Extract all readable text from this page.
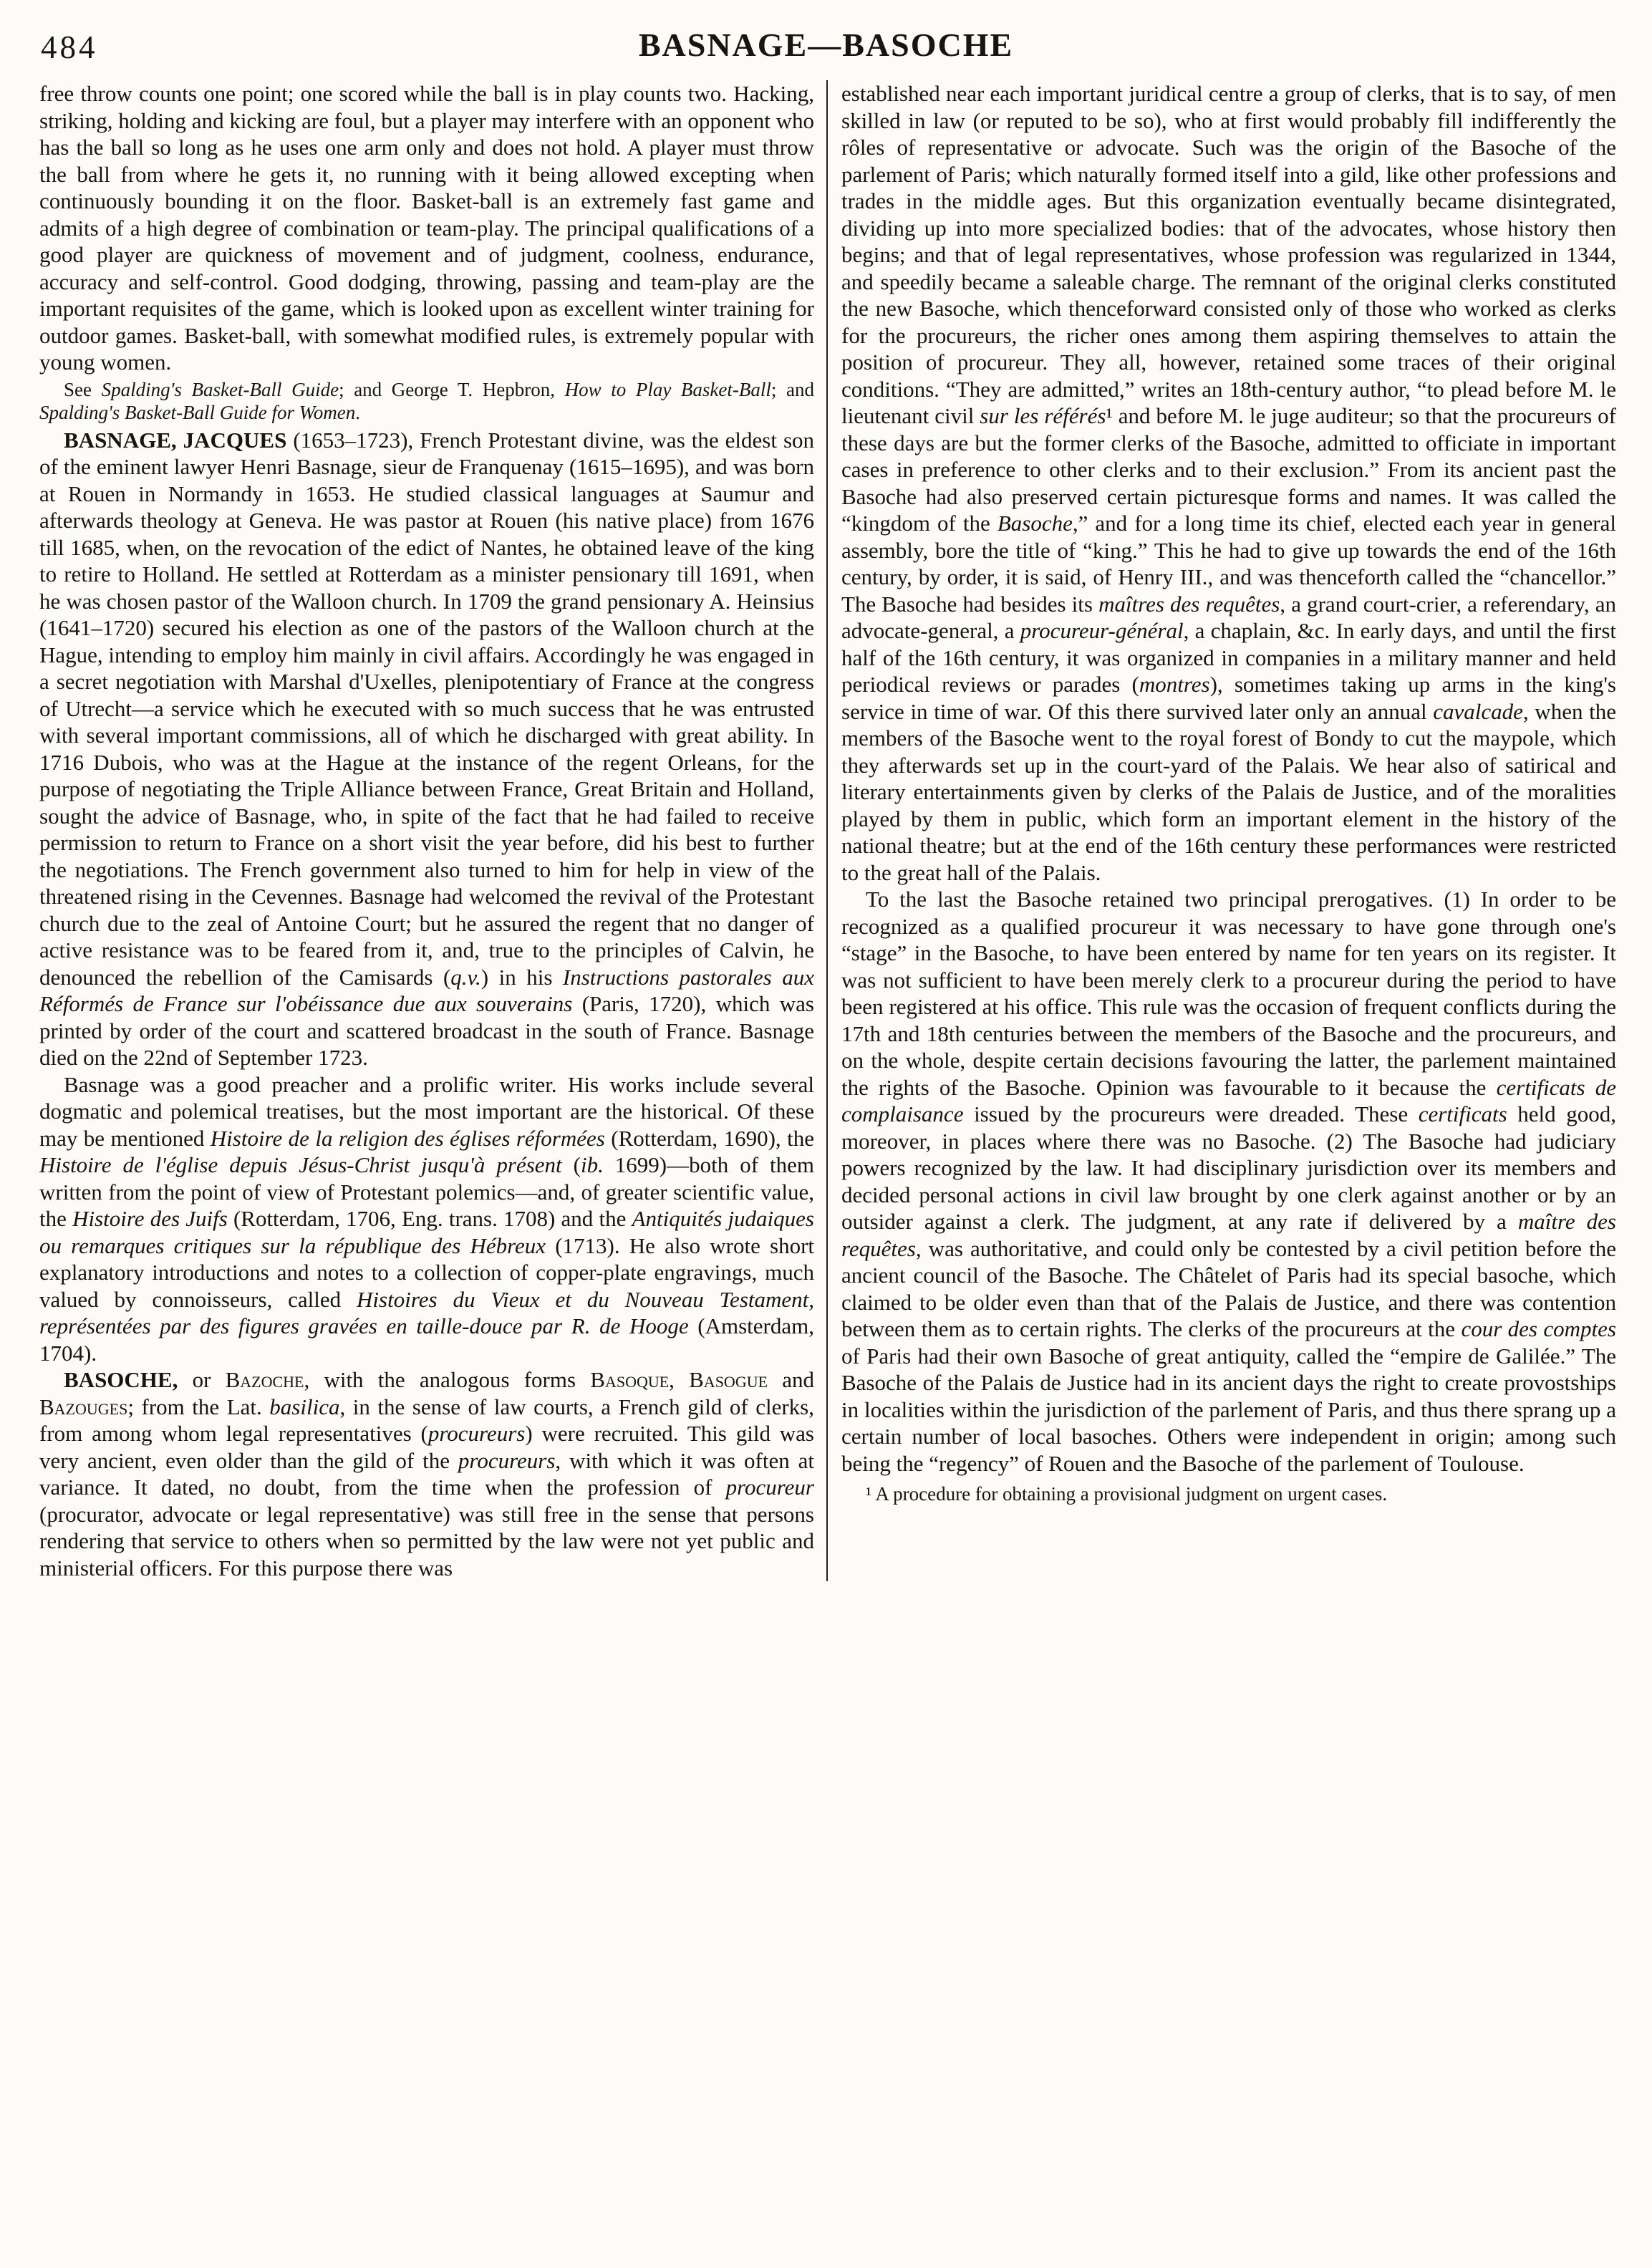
484	BASNAGE—BASOCHE

free throw counts one point; one scored while the ball is in play counts two. Hacking, striking, holding and kicking are foul, but a player may interfere with an opponent who has the ball so long as he uses one arm only and does not hold. A player must throw the ball from where he gets it, no running with it being allowed excepting when continuously bounding it on the floor. Basket-ball is an extremely fast game and admits of a high degree of combination or team-play. The principal qualifications of a good player are quickness of movement and of judgment, coolness, endurance, accuracy and self-control. Good dodging, throwing, passing and team-play are the important requisites of the game, which is looked upon as excellent winter training for outdoor games. Basket-ball, with somewhat modified rules, is extremely popular with young women.

See Spalding's Basket-Ball Guide; and George T. Hepbron, How to Play Basket-Ball; and Spalding's Basket-Ball Guide for Women.

BASNAGE, JACQUES (1653–1723), French Protestant divine, was the eldest son of the eminent lawyer Henri Basnage, sieur de Franquenay (1615–1695), and was born at Rouen in Normandy in 1653. He studied classical languages at Saumur and afterwards theology at Geneva. He was pastor at Rouen (his native place) from 1676 till 1685, when, on the revocation of the edict of Nantes, he obtained leave of the king to retire to Holland. He settled at Rotterdam as a minister pensionary till 1691, when he was chosen pastor of the Walloon church. In 1709 the grand pensionary A. Heinsius (1641–1720) secured his election as one of the pastors of the Walloon church at the Hague, intending to employ him mainly in civil affairs. Accordingly he was engaged in a secret negotiation with Marshal d'Uxelles, plenipotentiary of France at the congress of Utrecht—a service which he executed with so much success that he was entrusted with several important commissions, all of which he discharged with great ability. In 1716 Dubois, who was at the Hague at the instance of the regent Orleans, for the purpose of negotiating the Triple Alliance between France, Great Britain and Holland, sought the advice of Basnage, who, in spite of the fact that he had failed to receive permission to return to France on a short visit the year before, did his best to further the negotiations. The French government also turned to him for help in view of the threatened rising in the Cevennes. Basnage had welcomed the revival of the Protestant church due to the zeal of Antoine Court; but he assured the regent that no danger of active resistance was to be feared from it, and, true to the principles of Calvin, he denounced the rebellion of the Camisards (q.v.) in his Instructions pastorales aux Réformés de France sur l'obéissance due aux souverains (Paris, 1720), which was printed by order of the court and scattered broadcast in the south of France. Basnage died on the 22nd of September 1723.

Basnage was a good preacher and a prolific writer. His works include several dogmatic and polemical treatises, but the most important are the historical. Of these may be mentioned Histoire de la religion des églises réformées (Rotterdam, 1690), the Histoire de l'église depuis Jésus-Christ jusqu'à présent (ib. 1699)—both of them written from the point of view of Protestant polemics—and, of greater scientific value, the Histoire des Juifs (Rotterdam, 1706, Eng. trans. 1708) and the Antiquités judaiques ou remarques critiques sur la république des Hébreux (1713). He also wrote short explanatory introductions and notes to a collection of copper-plate engravings, much valued by connoisseurs, called Histoires du Vieux et du Nouveau Testament, représentées par des figures gravées en taille-douce par R. de Hooge (Amsterdam, 1704).

BASOCHE, or Bazoche, with the analogous forms Basoque, Basogue and Bazouges; from the Lat. basilica, in the sense of law courts, a French gild of clerks, from among whom legal representatives (procureurs) were recruited. This gild was very ancient, even older than the gild of the procureurs, with which it was often at variance. It dated, no doubt, from the time when the profession of procureur (procurator, advocate or legal representative) was still free in the sense that persons rendering that service to others when so permitted by the law were not yet public and ministerial officers. For this purpose there was

established near each important juridical centre a group of clerks, that is to say, of men skilled in law (or reputed to be so), who at first would probably fill indifferently the rôles of representative or advocate. Such was the origin of the Basoche of the parlement of Paris; which naturally formed itself into a gild, like other professions and trades in the middle ages. But this organization eventually became disintegrated, dividing up into more specialized bodies: that of the advocates, whose history then begins; and that of legal representatives, whose profession was regularized in 1344, and speedily became a saleable charge. The remnant of the original clerks constituted the new Basoche, which thenceforward consisted only of those who worked as clerks for the procureurs, the richer ones among them aspiring themselves to attain the position of procureur. They all, however, retained some traces of their original conditions. “They are admitted,” writes an 18th-century author, “to plead before M. le lieutenant civil sur les référés¹ and before M. le juge auditeur; so that the procureurs of these days are but the former clerks of the Basoche, admitted to officiate in important cases in preference to other clerks and to their exclusion.” From its ancient past the Basoche had also preserved certain picturesque forms and names. It was called the “kingdom of the Basoche,” and for a long time its chief, elected each year in general assembly, bore the title of “king.” This he had to give up towards the end of the 16th century, by order, it is said, of Henry III., and was thenceforth called the “chancellor.” The Basoche had besides its maîtres des requêtes, a grand court-crier, a referendary, an advocate-general, a procureur-général, a chaplain, &c. In early days, and until the first half of the 16th century, it was organized in companies in a military manner and held periodical reviews or parades (montres), sometimes taking up arms in the king's service in time of war. Of this there survived later only an annual cavalcade, when the members of the Basoche went to the royal forest of Bondy to cut the maypole, which they afterwards set up in the court-yard of the Palais. We hear also of satirical and literary entertainments given by clerks of the Palais de Justice, and of the moralities played by them in public, which form an important element in the history of the national theatre; but at the end of the 16th century these performances were restricted to the great hall of the Palais.

To the last the Basoche retained two principal prerogatives. (1) In order to be recognized as a qualified procureur it was necessary to have gone through one's “stage” in the Basoche, to have been entered by name for ten years on its register. It was not sufficient to have been merely clerk to a procureur during the period to have been registered at his office. This rule was the occasion of frequent conflicts during the 17th and 18th centuries between the members of the Basoche and the procureurs, and on the whole, despite certain decisions favouring the latter, the parlement maintained the rights of the Basoche. Opinion was favourable to it because the certificats de complaisance issued by the procureurs were dreaded. These certificats held good, moreover, in places where there was no Basoche. (2) The Basoche had judiciary powers recognized by the law. It had disciplinary jurisdiction over its members and decided personal actions in civil law brought by one clerk against another or by an outsider against a clerk. The judgment, at any rate if delivered by a maître des requêtes, was authoritative, and could only be contested by a civil petition before the ancient council of the Basoche. The Châtelet of Paris had its special basoche, which claimed to be older even than that of the Palais de Justice, and there was contention between them as to certain rights. The clerks of the procureurs at the cour des comptes of Paris had their own Basoche of great antiquity, called the “empire de Galilée.” The Basoche of the Palais de Justice had in its ancient days the right to create provostships in localities within the jurisdiction of the parlement of Paris, and thus there sprang up a certain number of local basoches. Others were independent in origin; among such being the “regency” of Rouen and the Basoche of the parlement of Toulouse.

¹ A procedure for obtaining a provisional judgment on urgent cases.
